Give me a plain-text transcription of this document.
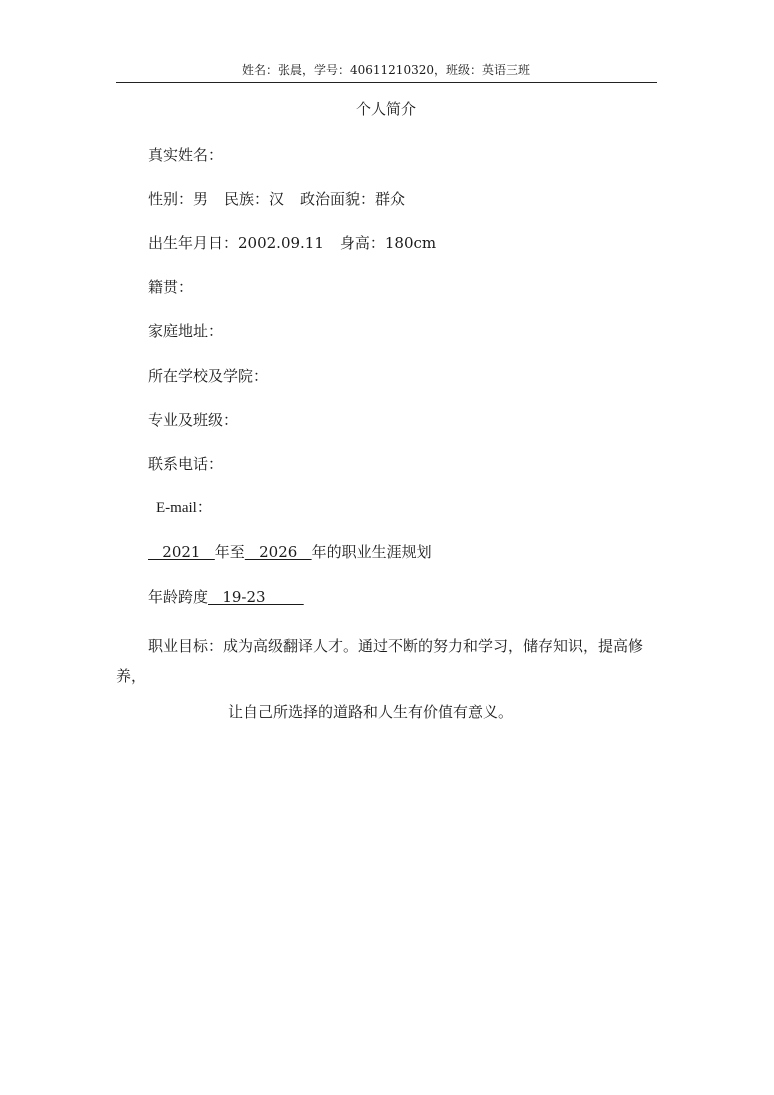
姓名：张晨，学号：40611210320，班级：英语三班
个人简介
真实姓名：
性别：男 民族：汉 政治面貌：群众
出生年月日：2002.09.11 身高：180cm
籍贯：
家庭地址：
所在学校及学院：
专业及班级：
联系电话：
E-mail：
2021   年至   2026   年的职业生涯规划
年龄跨度   19-23
职业目标：成为高级翻译人才。通过不断的努力和学习，储存知识，提高修养，
让自己所选择的道路和人生有价值有意义。
